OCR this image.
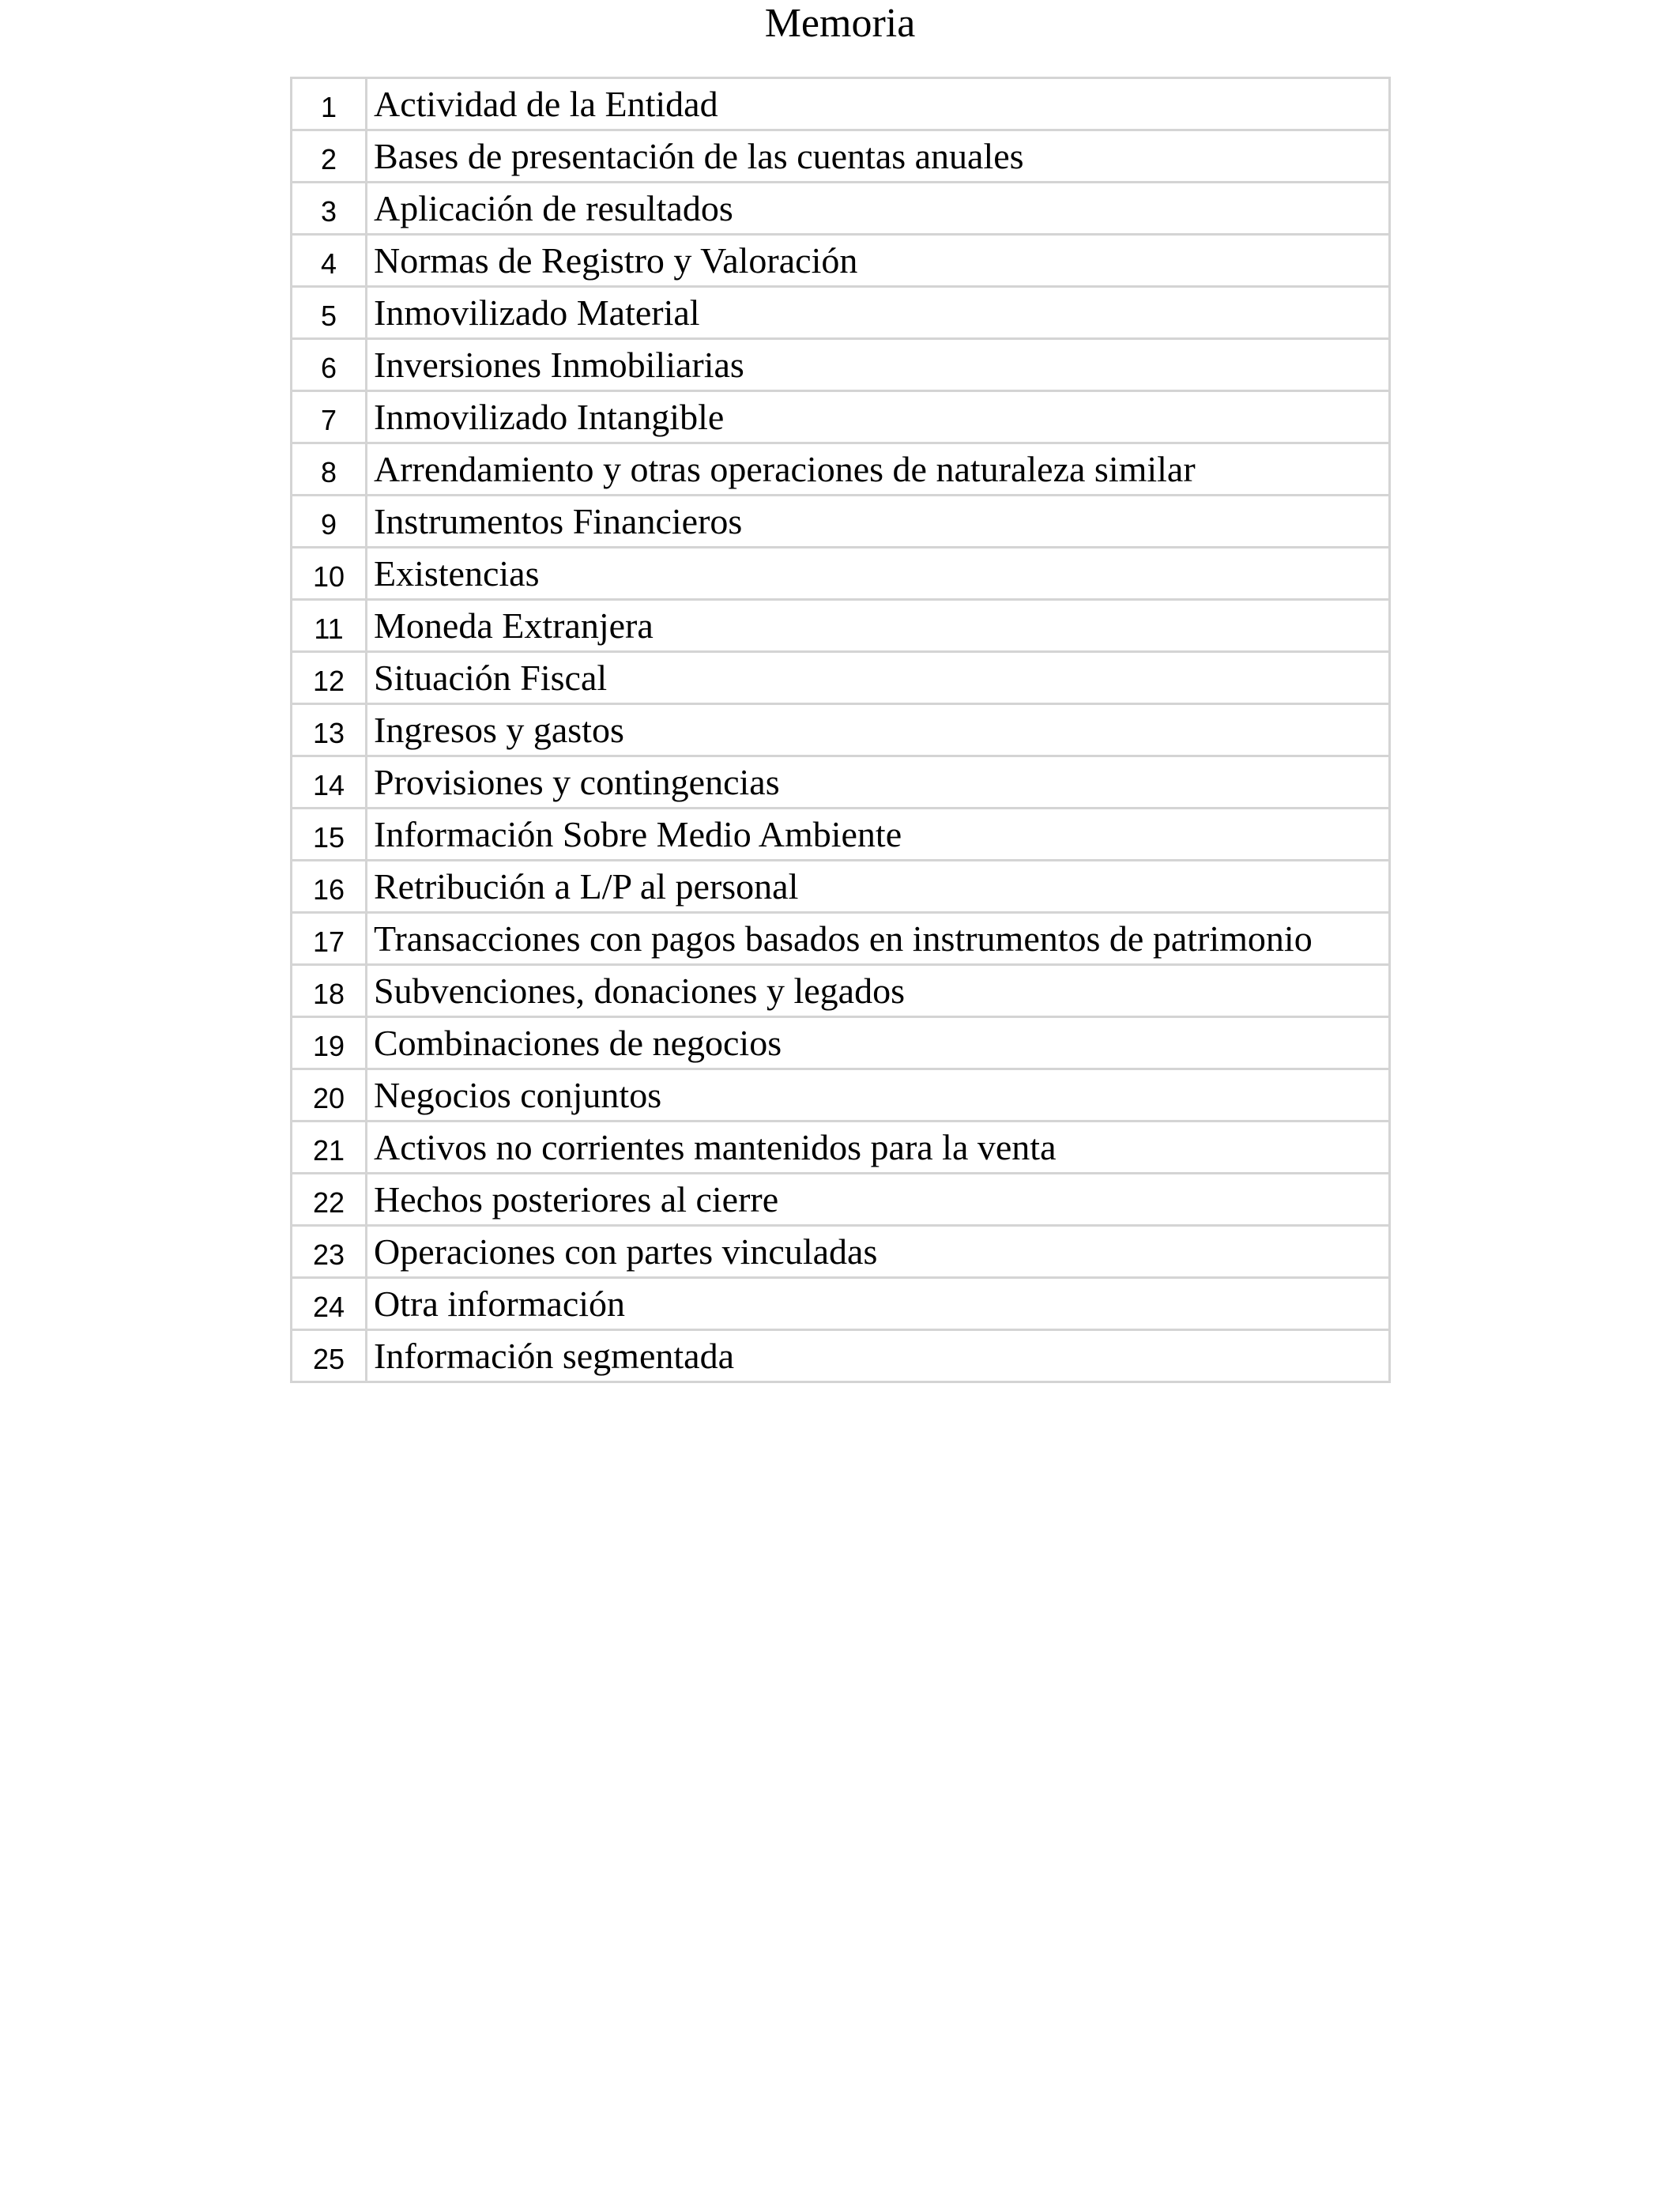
Memoria
1	Actividad de la Entidad
2	Bases de presentación de las cuentas anuales
3	Aplicación de resultados
4	Normas de Registro y Valoración
5	Inmovilizado Material
6	Inversiones Inmobiliarias
7	Inmovilizado Intangible
8	Arrendamiento y otras operaciones de naturaleza similar
9	Instrumentos Financieros
10	Existencias
11	Moneda Extranjera
12	Situación Fiscal
13	Ingresos y gastos
14	Provisiones y contingencias
15	Información Sobre Medio Ambiente
16	Retribución a L/P al personal
17	Transacciones con pagos basados en instrumentos de patrimonio
18	Subvenciones, donaciones y legados
19	Combinaciones de negocios
20	Negocios conjuntos
21	Activos no corrientes mantenidos para la venta
22	Hechos posteriores al cierre
23	Operaciones con partes vinculadas
24	Otra información
25	Información segmentada
